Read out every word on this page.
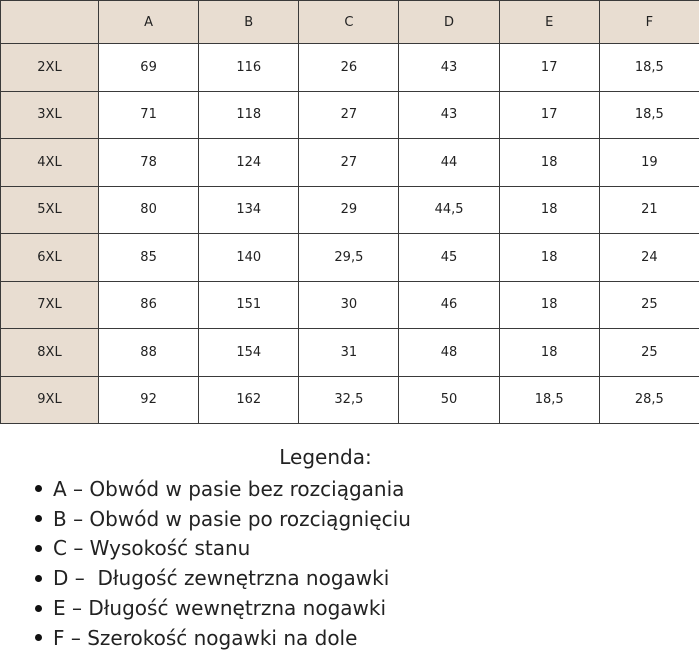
	A	B	C	D	E	F
2XL	69	116	26	43	17	18,5
3XL	71	118	27	43	17	18,5
4XL	78	124	27	44	18	19
5XL	80	134	29	44,5	18	21
6XL	85	140	29,5	45	18	24
7XL	86	151	30	46	18	25
8XL	88	154	31	48	18	25
9XL	92	162	32,5	50	18,5	28,5
Legenda:
A – Obwód w pasie bez rozciągania
B – Obwód w pasie po rozciągnięciu
C – Wysokość stanu
D –  Długość zewnętrzna nogawki
E – Długość wewnętrzna nogawki
F – Szerokość nogawki na dole
